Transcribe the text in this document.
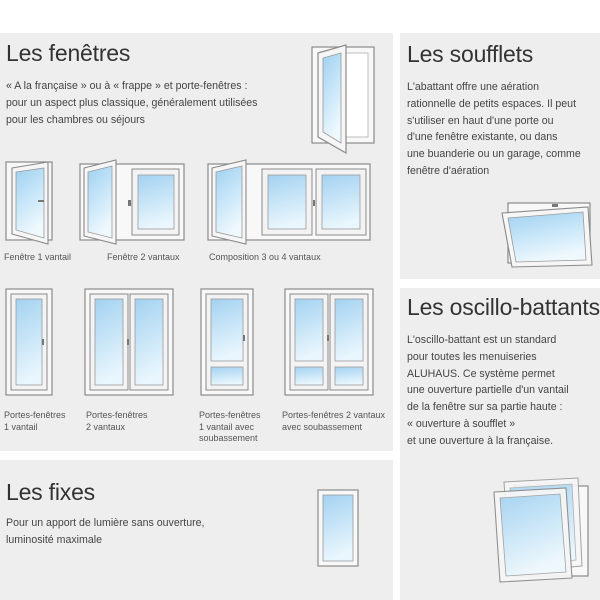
Les fenêtres
« A la française » ou à « frappe » et porte-fenêtres :
pour un aspect plus classique, généralement utilisées
pour les chambres ou séjours
Fenêtre 1 vantail	Fenêtre 2 vantaux	Composition 3 ou 4 vantaux
Portes-fenêtres
1 vantail
Portes-fenêtres
2 vantaux
Portes-fenêtres
1 vantail avec
soubassement
Portes-fenêtres 2 vantaux
avec soubassement
Les fixes
Pour un apport de lumière sans ouverture,
luminosité maximale
Les soufflets
L'abattant offre une aération
rationnelle de petits espaces. Il peut
s'utiliser en haut d'une porte ou
d'une fenêtre existante, ou dans
une buanderie ou un garage, comme
fenêtre d'aération
Les oscillo-battants
L'oscillo-battant est un standard
pour toutes les menuiseries
ALUHAUS. Ce système permet
une ouverture partielle d'un vantail
de la fenêtre sur sa partie haute :
« ouverture à soufflet »
et une ouverture à la française.
